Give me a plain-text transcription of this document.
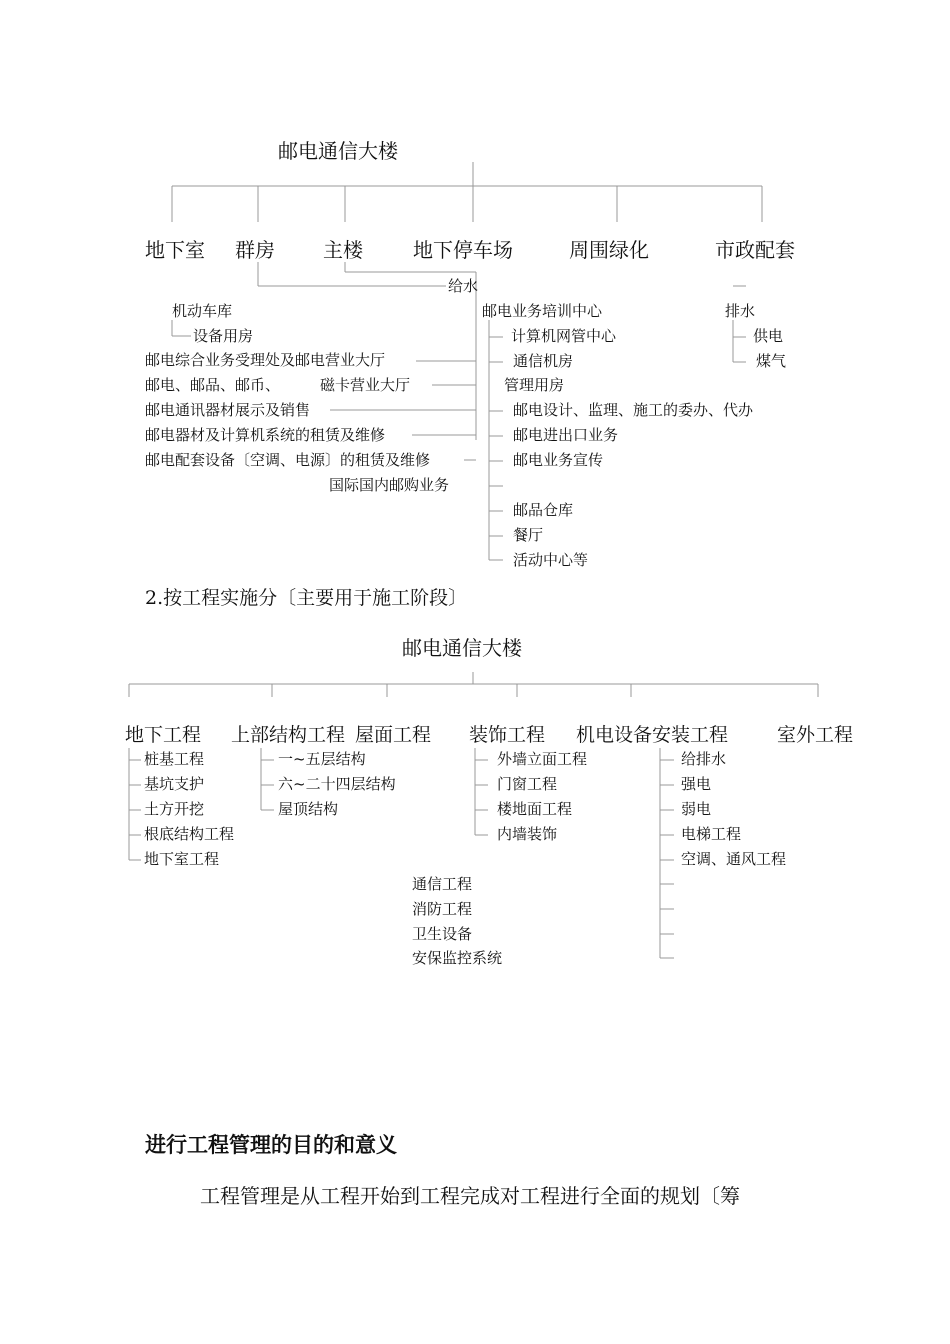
邮电通信大楼
地下室 群房 主楼	地下停车场	周围绿化	市政配套
给水
机动车库
设备用房
邮电综合业务受理处及邮电营业大厅
邮电、邮品、邮币、	磁卡营业大厅
邮电通讯器材展示及销售
邮电器材及计算机系统的租赁及维修
邮电配套设备〔空调、电源〕的租赁及维修
国际国内邮购业务
邮电业务培训中心
计算机网管中心
通信机房
管理用房
邮电设计、监理、施工的委办、代办
邮电进出口业务
邮电业务宣传
邮品仓库
餐厅
活动中心等
排水
供电
煤气
2.按工程实施分〔主要用于施工阶段〕
邮电通信大楼
地下工程 上部结构工程 屋面工程 装饰工程 机电设备安装工程	室外工程
桩基工程
基坑支护
土方开挖
根底结构工程
地下室工程
一~五层结构
六~二十四层结构
屋顶结构
外墙立面工程
门窗工程
楼地面工程
内墙装饰
给排水
强电
弱电
电梯工程
空调、通风工程
通信工程
消防工程
卫生设备
安保监控系统
进行工程管理的目的和意义
工程管理是从工程开始到工程完成对工程进行全面的规划〔筹
